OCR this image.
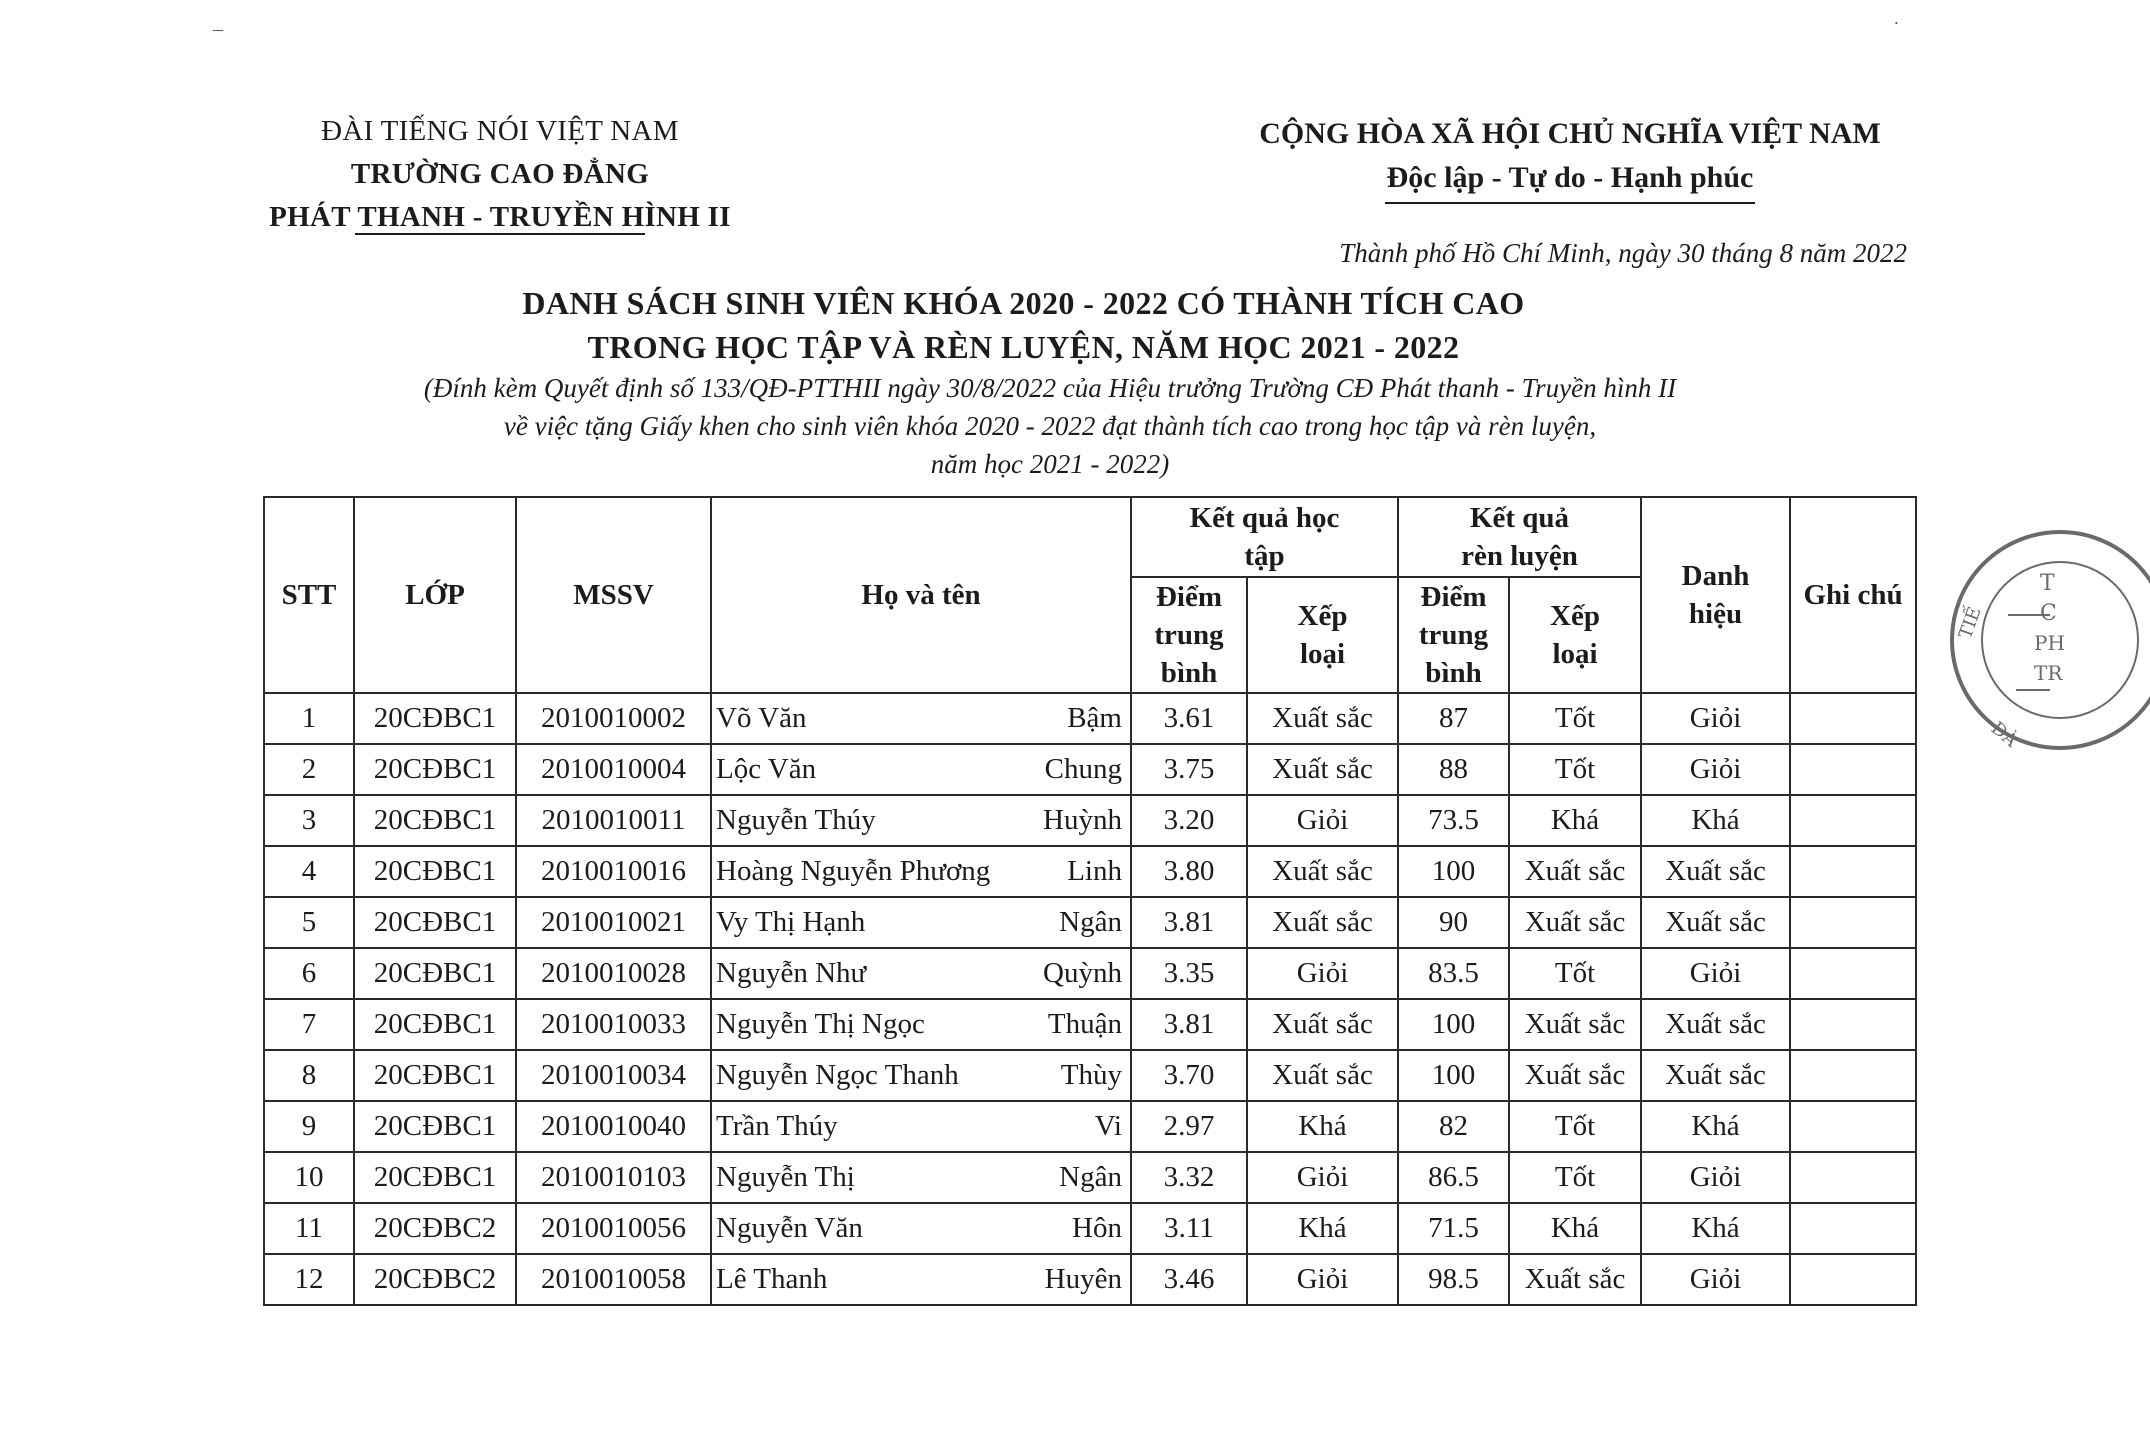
–	˙
ĐÀI TIẾNG NÓI VIỆT NAM
TRƯỜNG CAO ĐẲNG
PHÁT THANH - TRUYỀN HÌNH II
CỘNG HÒA XÃ HỘI CHỦ NGHĨA VIỆT NAM
Độc lập - Tự do - Hạnh phúc
Thành phố Hồ Chí Minh, ngày 30 tháng 8 năm 2022
DANH SÁCH SINH VIÊN KHÓA 2020 - 2022 CÓ THÀNH TÍCH CAO
TRONG HỌC TẬP VÀ RÈN LUYỆN, NĂM HỌC 2021 - 2022
(Đính kèm Quyết định số 133/QĐ-PTTHII ngày 30/8/2022 của Hiệu trưởng Trường CĐ Phát thanh - Truyền hình II
về việc tặng Giấy khen cho sinh viên khóa 2020 - 2022 đạt thành tích cao trong học tập và rèn luyện,
năm học 2021 - 2022)
STT	LỚP	MSSV	Họ và tên	Kết quả học tập		Kết quả rèn luyện		Danh hiệu	Ghi chú
				Điểm trung bình	Xếp loại	Điểm trung bình	Xếp loại		
1	20CĐBC1	2010010002	Võ Văn Bậm	3.61	Xuất sắc	87	Tốt	Giỏi	
2	20CĐBC1	2010010004	Lộc Văn Chung	3.75	Xuất sắc	88	Tốt	Giỏi	
3	20CĐBC1	2010010011	Nguyễn Thúy Huỳnh	3.20	Giỏi	73.5	Khá	Khá	
4	20CĐBC1	2010010016	Hoàng Nguyễn Phương Linh	3.80	Xuất sắc	100	Xuất sắc	Xuất sắc	
5	20CĐBC1	2010010021	Vy Thị Hạnh Ngân	3.81	Xuất sắc	90	Xuất sắc	Xuất sắc	
6	20CĐBC1	2010010028	Nguyễn Như Quỳnh	3.35	Giỏi	83.5	Tốt	Giỏi	
7	20CĐBC1	2010010033	Nguyễn Thị Ngọc Thuận	3.81	Xuất sắc	100	Xuất sắc	Xuất sắc	
8	20CĐBC1	2010010034	Nguyễn Ngọc Thanh Thùy	3.70	Xuất sắc	100	Xuất sắc	Xuất sắc	
9	20CĐBC1	2010010040	Trần Thúy Vi	2.97	Khá	82	Tốt	Khá	
10	20CĐBC1	2010010103	Nguyễn Thị Ngân	3.32	Giỏi	86.5	Tốt	Giỏi	
11	20CĐBC2	2010010056	Nguyễn Văn Hôn	3.11	Khá	71.5	Khá	Khá	
12	20CĐBC2	2010010058	Lê Thanh Huyên	3.46	Giỏi	98.5	Xuất sắc	Giỏi	
TIẾ
T
C
PH
TR
ĐÀ
